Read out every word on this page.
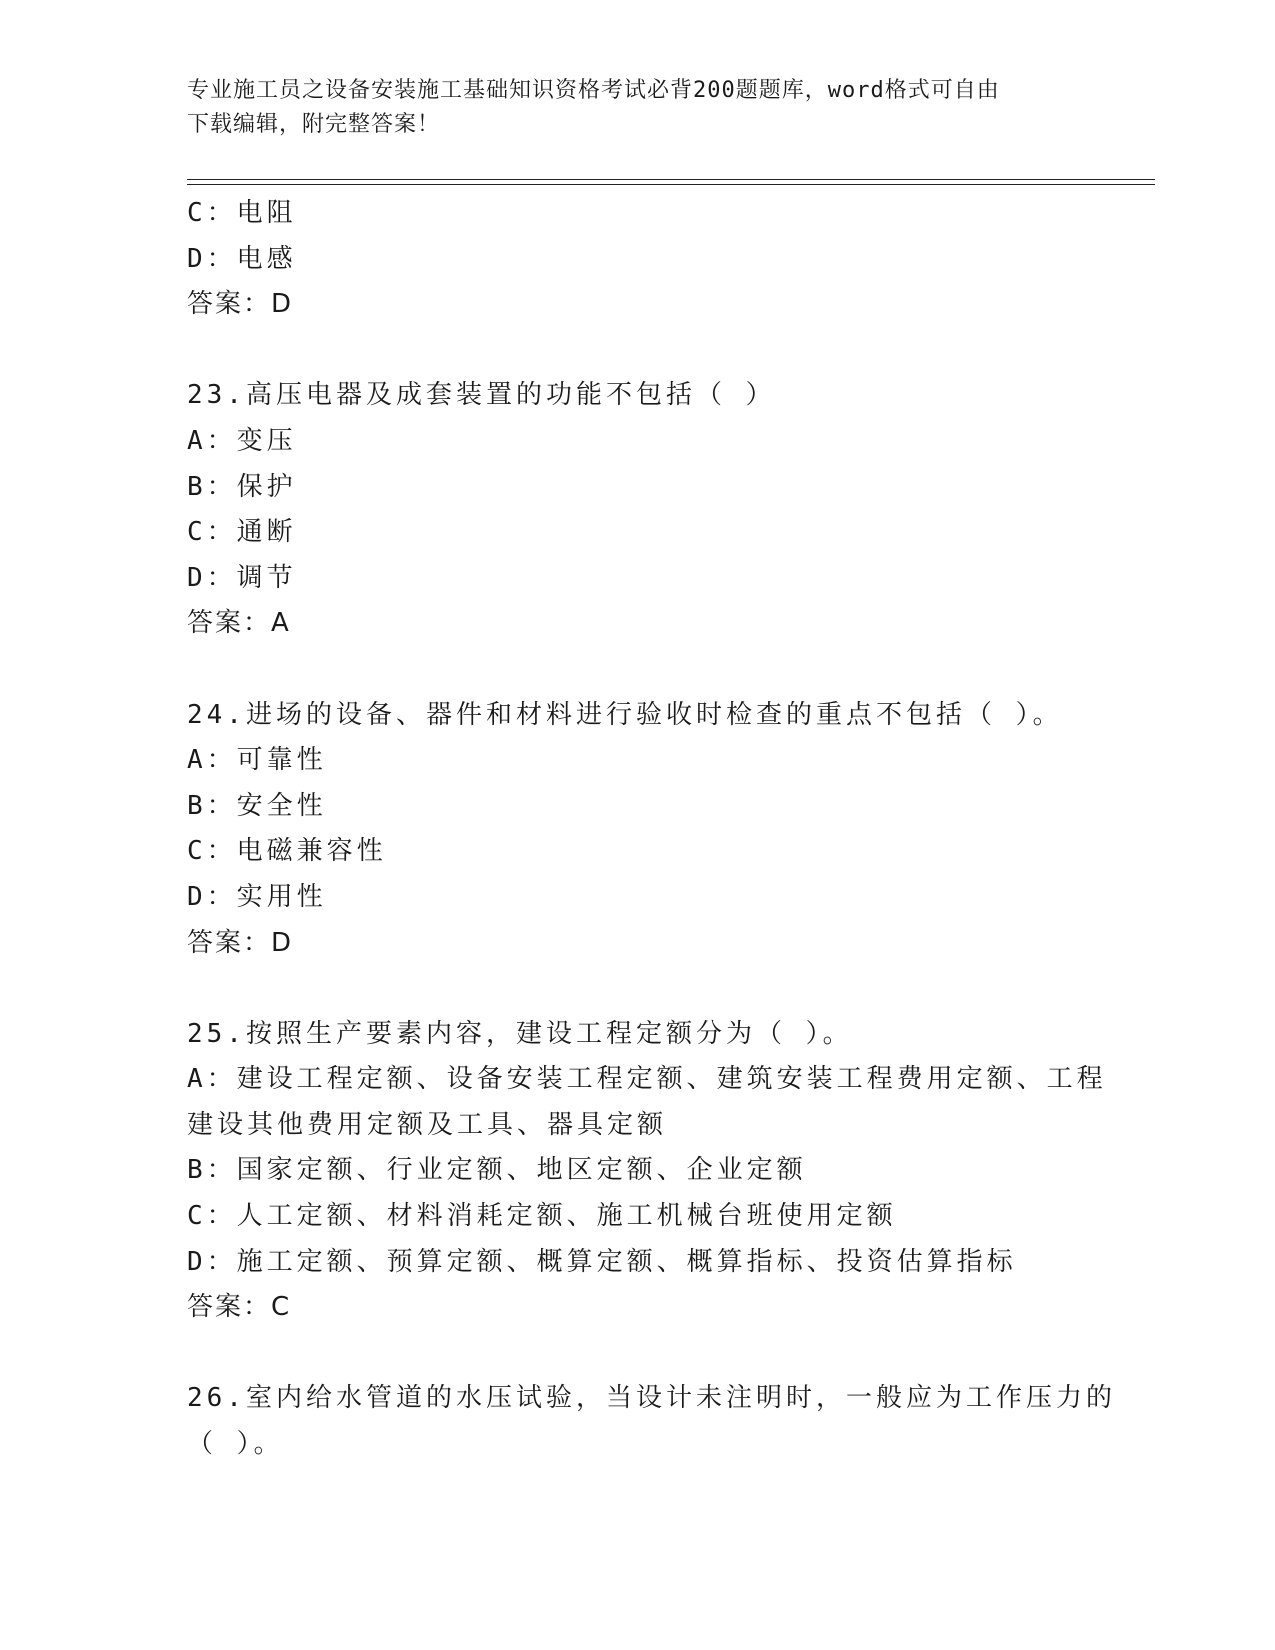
专业施工员之设备安装施工基础知识资格考试必背200题题库，word格式可自由
下载编辑，附完整答案！
C：电阻
D：电感
答案：D
23.高压电器及成套装置的功能不包括（ ）
A：变压
B：保护
C：通断
D：调节
答案：A
24.进场的设备、器件和材料进行验收时检查的重点不包括（ ）。
A：可靠性
B：安全性
C：电磁兼容性
D：实用性
答案：D
25.按照生产要素内容，建设工程定额分为（ ）。
A：建设工程定额、设备安装工程定额、建筑安装工程费用定额、工程
建设其他费用定额及工具、器具定额
B：国家定额、行业定额、地区定额、企业定额
C：人工定额、材料消耗定额、施工机械台班使用定额
D：施工定额、预算定额、概算定额、概算指标、投资估算指标
答案：C
26.室内给水管道的水压试验，当设计未注明时，一般应为工作压力的
（ ）。
